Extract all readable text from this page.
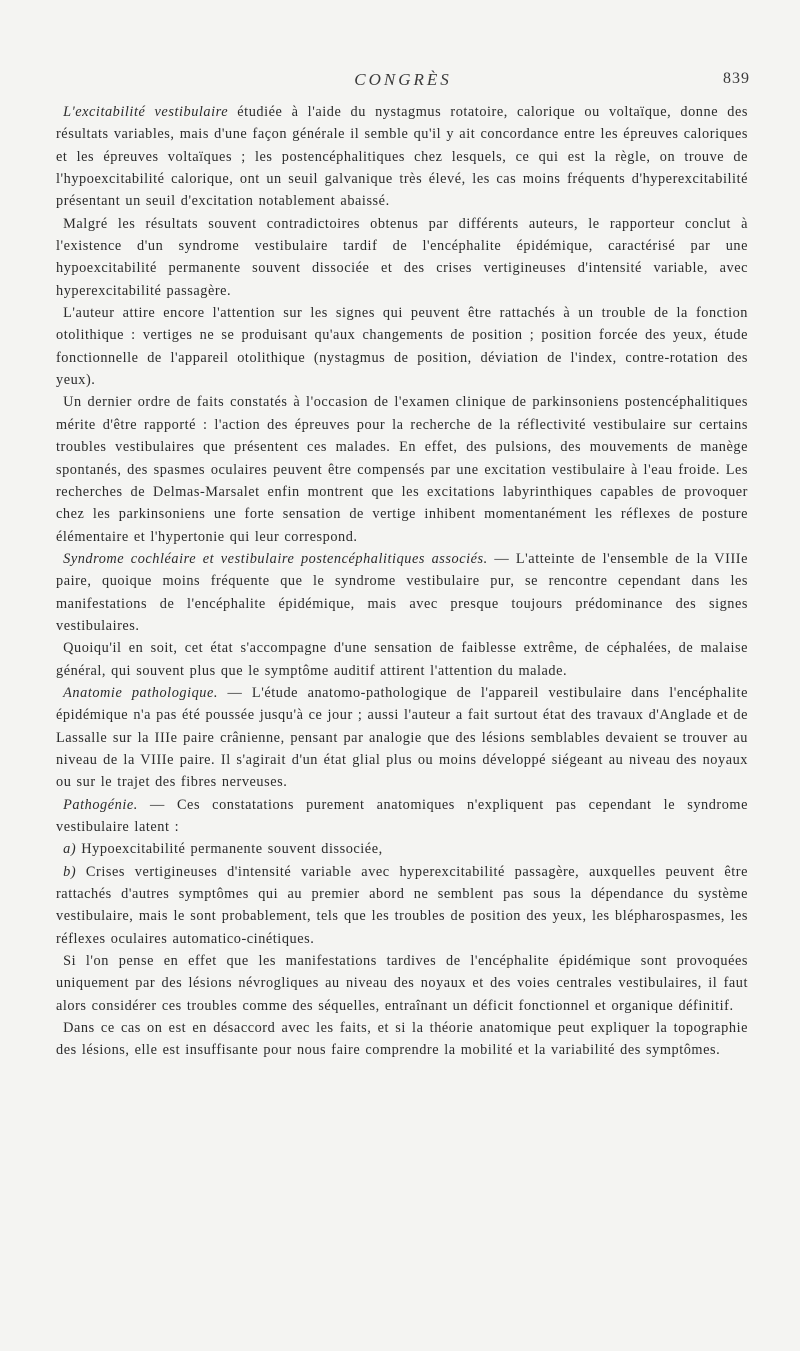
CONGRÈS	839

L'excitabilité vestibulaire étudiée à l'aide du nystagmus rotatoire, calorique ou voltaïque, donne des résultats variables, mais d'une façon générale il semble qu'il y ait concordance entre les épreuves caloriques et les épreuves voltaïques ; les postencéphalitiques chez lesquels, ce qui est la règle, on trouve de l'hypoexcitabilité calorique, ont un seuil galvanique très élevé, les cas moins fréquents d'hyperexcitabilité présentant un seuil d'excitation notablement abaissé.

Malgré les résultats souvent contradictoires obtenus par différents auteurs, le rapporteur conclut à l'existence d'un syndrome vestibulaire tardif de l'encéphalite épidémique, caractérisé par une hypoexcitabilité permanente souvent dissociée et des crises vertigineuses d'intensité variable, avec hyperexcitabilité passagère.

L'auteur attire encore l'attention sur les signes qui peuvent être rattachés à un trouble de la fonction otolithique : vertiges ne se produisant qu'aux changements de position ; position forcée des yeux, étude fonctionnelle de l'appareil otolithique (nystagmus de position, déviation de l'index, contre-rotation des yeux).

Un dernier ordre de faits constatés à l'occasion de l'examen clinique de parkinsoniens postencéphalitiques mérite d'être rapporté : l'action des épreuves pour la recherche de la réflectivité vestibulaire sur certains troubles vestibulaires que présentent ces malades. En effet, des pulsions, des mouvements de manège spontanés, des spasmes oculaires peuvent être compensés par une excitation vestibulaire à l'eau froide. Les recherches de Delmas-Marsalet enfin montrent que les excitations labyrinthiques capables de provoquer chez les parkinsoniens une forte sensation de vertige inhibent momentanément les réflexes de posture élémentaire et l'hypertonie qui leur correspond.

Syndrome cochléaire et vestibulaire postencéphalitiques associés. — L'atteinte de l'ensemble de la VIIIe paire, quoique moins fréquente que le syndrome vestibulaire pur, se rencontre cependant dans les manifestations de l'encéphalite épidémique, mais avec presque toujours prédominance des signes vestibulaires.

Quoiqu'il en soit, cet état s'accompagne d'une sensation de faiblesse extrême, de céphalées, de malaise général, qui souvent plus que le symptôme auditif attirent l'attention du malade.

Anatomie pathologique. — L'étude anatomo-pathologique de l'appareil vestibulaire dans l'encéphalite épidémique n'a pas été poussée jusqu'à ce jour ; aussi l'auteur a fait surtout état des travaux d'Anglade et de Lassalle sur la IIIe paire crânienne, pensant par analogie que des lésions semblables devaient se trouver au niveau de la VIIIe paire. Il s'agirait d'un état glial plus ou moins développé siégeant au niveau des noyaux ou sur le trajet des fibres nerveuses.

Pathogénie. — Ces constatations purement anatomiques n'expliquent pas cependant le syndrome vestibulaire latent :

a) Hypoexcitabilité permanente souvent dissociée,

b) Crises vertigineuses d'intensité variable avec hyperexcitabilité passagère, auxquelles peuvent être rattachés d'autres symptômes qui au premier abord ne semblent pas sous la dépendance du système vestibulaire, mais le sont probablement, tels que les troubles de position des yeux, les blépharospasmes, les réflexes oculaires automatico-cinétiques.

Si l'on pense en effet que les manifestations tardives de l'encéphalite épidémique sont provoquées uniquement par des lésions névrogliques au niveau des noyaux et des voies centrales vestibulaires, il faut alors considérer ces troubles comme des séquelles, entraînant un déficit fonctionnel et organique définitif.

Dans ce cas on est en désaccord avec les faits, et si la théorie anatomique peut expliquer la topographie des lésions, elle est insuffisante pour nous faire comprendre la mobilité et la variabilité des symptômes.
